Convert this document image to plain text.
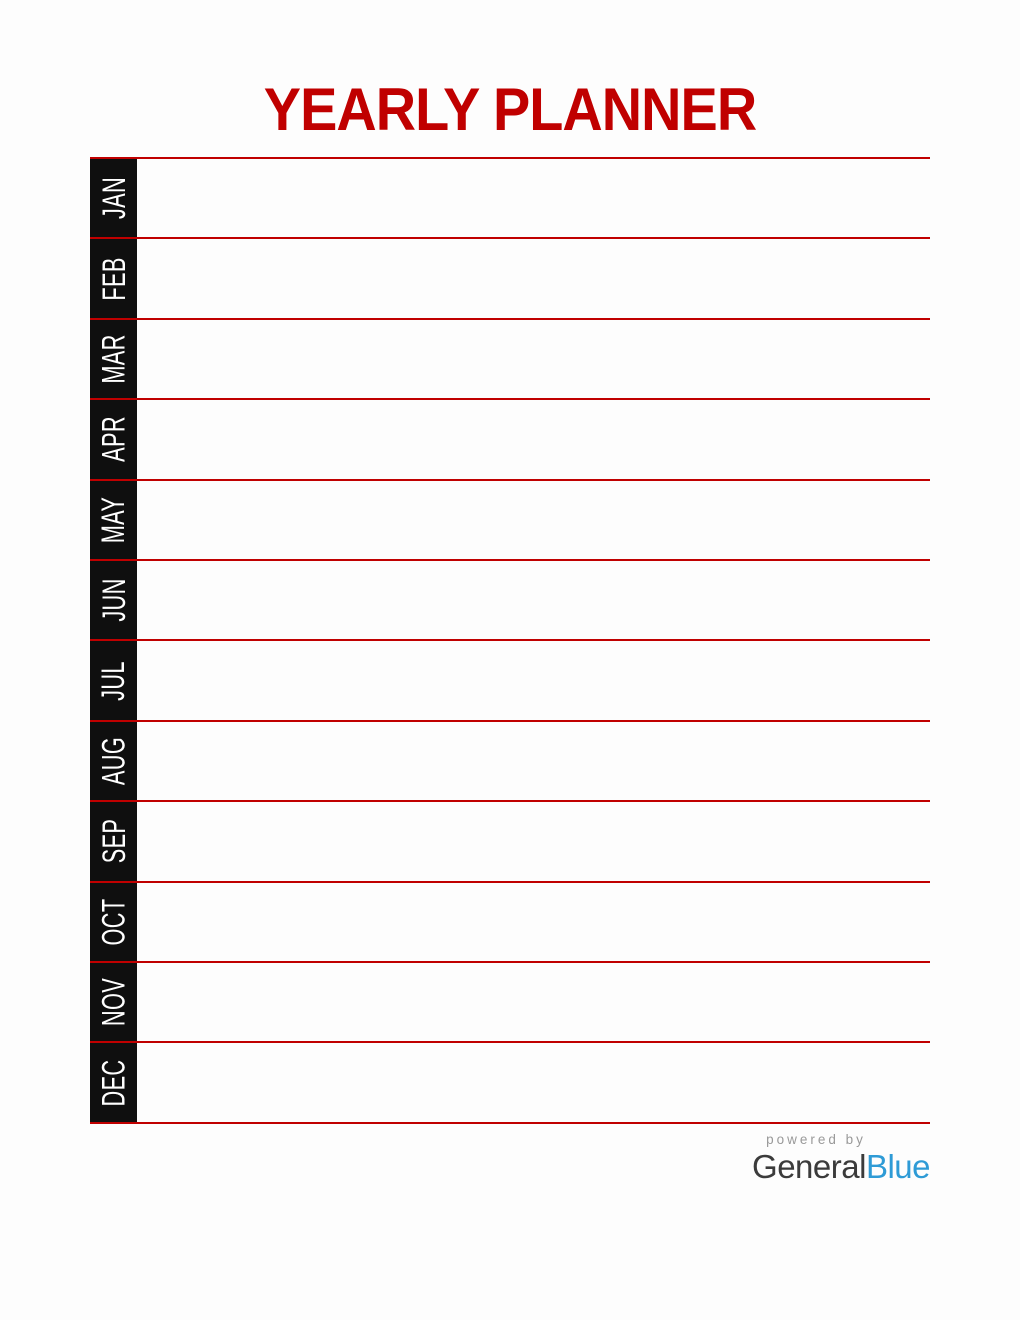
YEARLY PLANNER
JAN
FEB
MAR
APR
MAY
JUN
JUL
AUG
SEP
OCT
NOV
DEC
powered by
GeneralBlue
